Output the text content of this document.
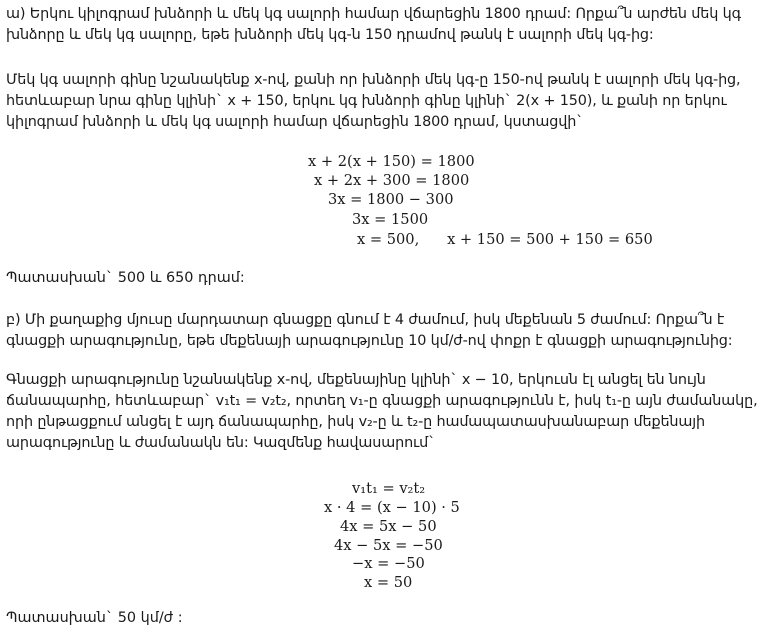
ա) Երկու կիլոգրամ խնձորի և մեկ կգ սալորի համար վճարեցին 1800 դրամ: Որքա՞ն արժեն մեկ կգ խնձորը և մեկ կգ սալորը, եթե խնձորի մեկ կգ-ն 150 դրամով թանկ է սալորի մեկ կգ-ից:
Մեկ կգ սալորի գինը նշանակենք x-ով, քանի որ խնձորի մեկ կգ-ը 150-ով թանկ է սալորի մեկ կգ-ից, հետևաբար նրա գինը կլինի` x + 150, երկու կգ խնձորի գինը կլինի` 2(x + 150), և քանի որ երկու կիլոգրամ խնձորի և մեկ կգ սալորի համար վճարեցին 1800 դրամ, կստացվի`
x + 2(x + 150) = 1800
x + 2x + 300 = 1800
3x = 1800 − 300
3x = 1500
x = 500,      x + 150 = 500 + 150 = 650
Պատասխան` 500 և 650 դրամ:
բ) Մի քաղաքից մյուսը մարդատար գնացքը գնում է 4 ժամում, իսկ մեքենան 5 ժամում: Որքա՞ն է գնացքի արագությունը, եթե մեքենայի արագությունը 10 կմ/ժ-ով փոքր է գնացքի արագությունից:
Գնացքի արագությունը նշանակենք x-ով, մեքենայինը կլինի` x − 10, երկուսն էլ անցել են նույն ճանապարհը, հետևաբար` v₁t₁ = v₂t₂, որտեղ v₁-ը գնացքի արագությունն է, իսկ t₁-ը այն ժամանակը, որի ընթացքում անցել է այդ ճանապարհը, իսկ v₂-ը և t₂-ը համապատասխանաբար մեքենայի արագությունը և ժամանակն են: Կազմենք հավասարում`
v₁t₁ = v₂t₂
x · 4 = (x − 10) · 5
4x = 5x − 50
4x − 5x = −50
−x = −50
x = 50
Պատասխան` 50 կմ/ժ :
